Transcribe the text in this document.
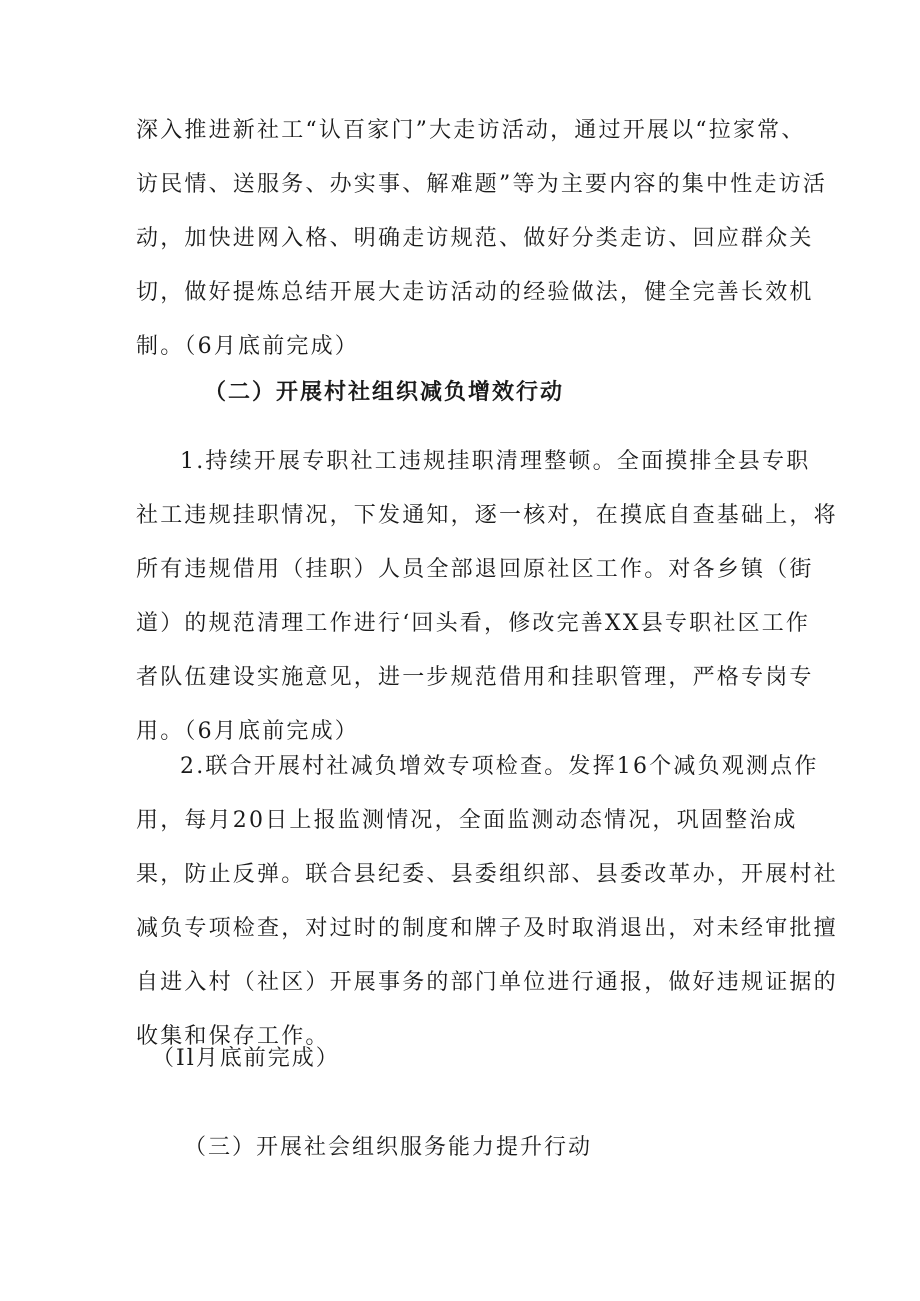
深入推进新社工“认百家门”大走访活动，通过开展以“拉家常、
访民情、送服务、办实事、解难题”等为主要内容的集中性走访活
动，加快进网入格、明确走访规范、做好分类走访、回应群众关
切，做好提炼总结开展大走访活动的经验做法，健全完善长效机
制。（6月底前完成）
（二）开展村社组织减负增效行动
1.持续开展专职社工违规挂职清理整顿。全面摸排全县专职
社工违规挂职情况，下发通知，逐一核对，在摸底自查基础上，将
所有违规借用（挂职）人员全部退回原社区工作。对各乡镇（街
道）的规范清理工作进行‘回头看，修改完善XX县专职社区工作
者队伍建设实施意见，进一步规范借用和挂职管理，严格专岗专
用。（6月底前完成）
2.联合开展村社减负增效专项检查。发挥16个减负观测点作
用，每月20日上报监测情况，全面监测动态情况，巩固整治成
果，防止反弹。联合县纪委、县委组织部、县委改革办，开展村社
减负专项检查，对过时的制度和牌子及时取消退出，对未经审批擅
自进入村（社区）开展事务的部门单位进行通报，做好违规证据的
收集和保存工作。
（Il月底前完成）
（三）开展社会组织服务能力提升行动
